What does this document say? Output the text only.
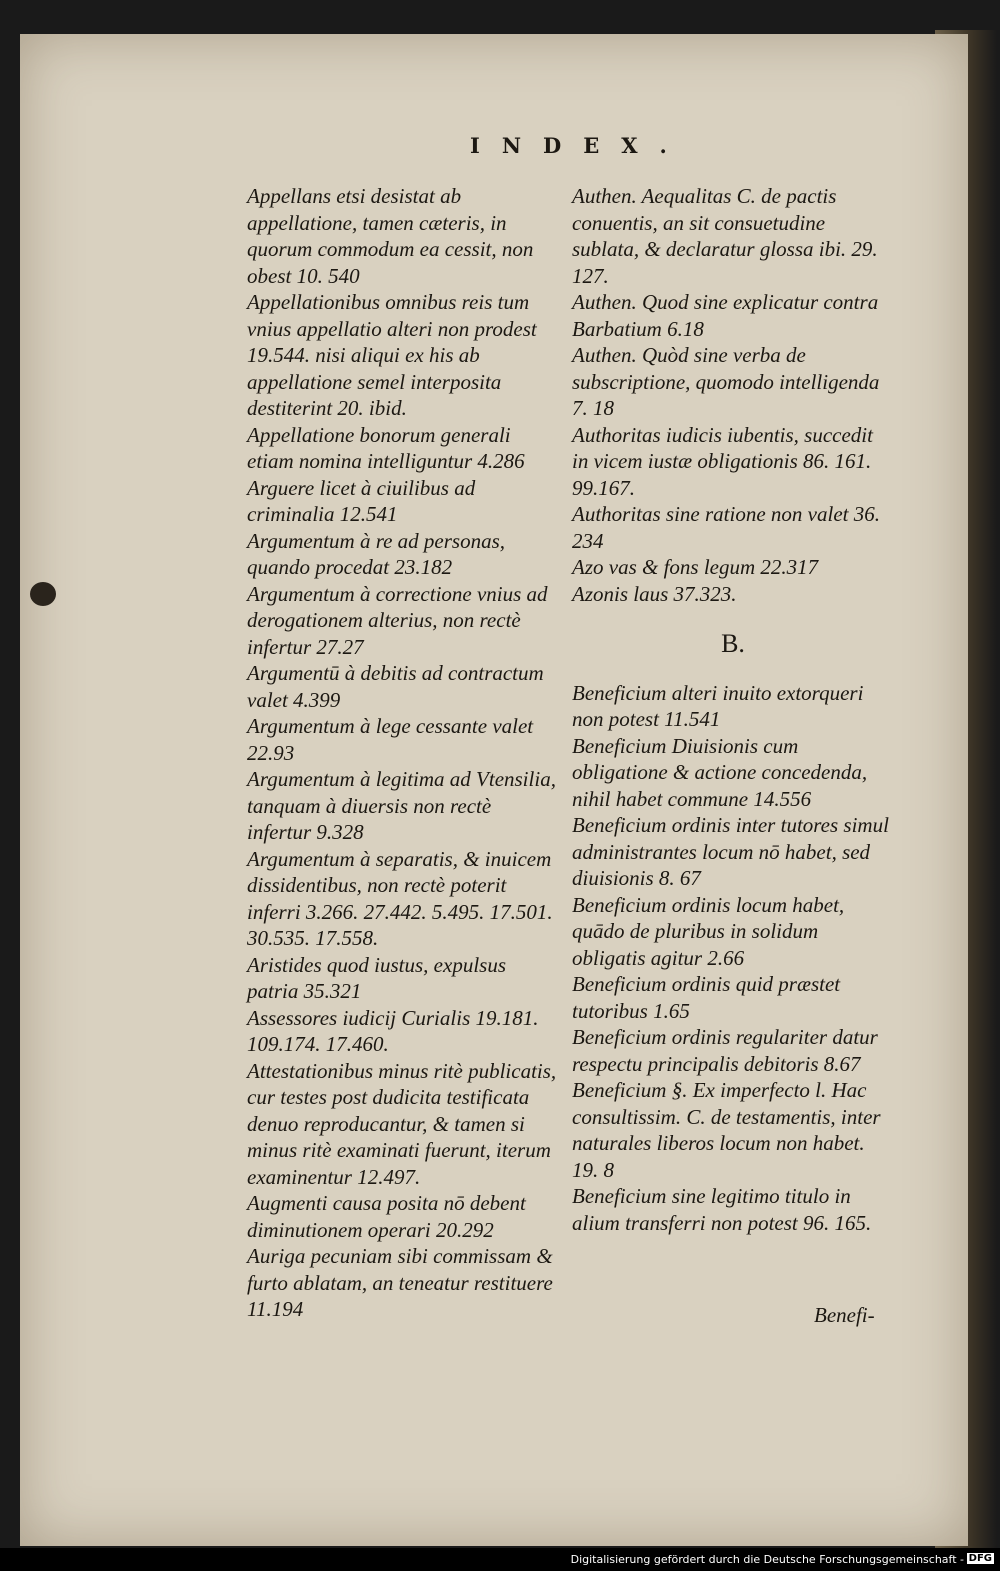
INDEX.

Appellans etsi desistat ab appellatione, tamen cæteris, in quorum commodum ea cessit, non obest 10. 540

Appellationibus omnibus reis tum vnius appellatio alteri non prodest 19.544. nisi aliqui ex his ab appellatione semel interposita destiterint 20. ibid.

Appellatione bonorum generali etiam nomina intelliguntur 4.286

Arguere licet à ciuilibus ad criminalia 12.541

Argumentum à re ad personas, quando procedat 23.182

Argumentum à correctione vnius ad derogationem alterius, non rectè infertur 27.27

Argumentū à debitis ad contractum valet 4.399

Argumentum à lege cessante valet 22.93

Argumentum à legitima ad Vtensilia, tanquam à diuersis non rectè infertur 9.328

Argumentum à separatis, & inuicem dissidentibus, non rectè poterit inferri 3.266. 27.442. 5.495. 17.501. 30.535. 17.558.

Aristides quod iustus, expulsus patria 35.321

Assessores iudicij Curialis 19.181. 109.174. 17.460.

Attestationibus minus ritè publicatis, cur testes post dudicita testificata denuo reproducantur, & tamen si minus ritè examinati fuerunt, iterum examinentur 12.497.

Augmenti causa posita nō debent diminutionem operari 20.292

Auriga pecuniam sibi commissam & furto ablatam, an teneatur restituere 11.194

Authen. Aequalitas C. de pactis conuentis, an sit consuetudine sublata, & declaratur glossa ibi. 29. 127.

Authen. Quod sine explicatur contra Barbatium 6.18

Authen. Quòd sine verba de subscriptione, quomodo intelligenda 7. 18

Authoritas iudicis iubentis, succedit in vicem iustæ obligationis 86. 161. 99.167.

Authoritas sine ratione non valet 36. 234

Azo vas & fons legum 22.317

Azonis laus 37.323.

B.

Beneficium alteri inuito extorqueri non potest 11.541

Beneficium Diuisionis cum obligatione & actione concedenda, nihil habet commune 14.556

Beneficium ordinis inter tutores simul administrantes locum nō habet, sed diuisionis 8. 67

Beneficium ordinis locum habet, quādo de pluribus in solidum obligatis agitur 2.66

Beneficium ordinis quid præstet tutoribus 1.65

Beneficium ordinis regulariter datur respectu principalis debitoris 8.67

Beneficium §. Ex imperfecto l. Hac consultissim. C. de testamentis, inter naturales liberos locum non habet. 19. 8

Beneficium sine legitimo titulo in alium transferri non potest 96. 165.

Benefi-
Digitalisierung gefördert durch die Deutsche Forschungsgemeinschaft - DFG
